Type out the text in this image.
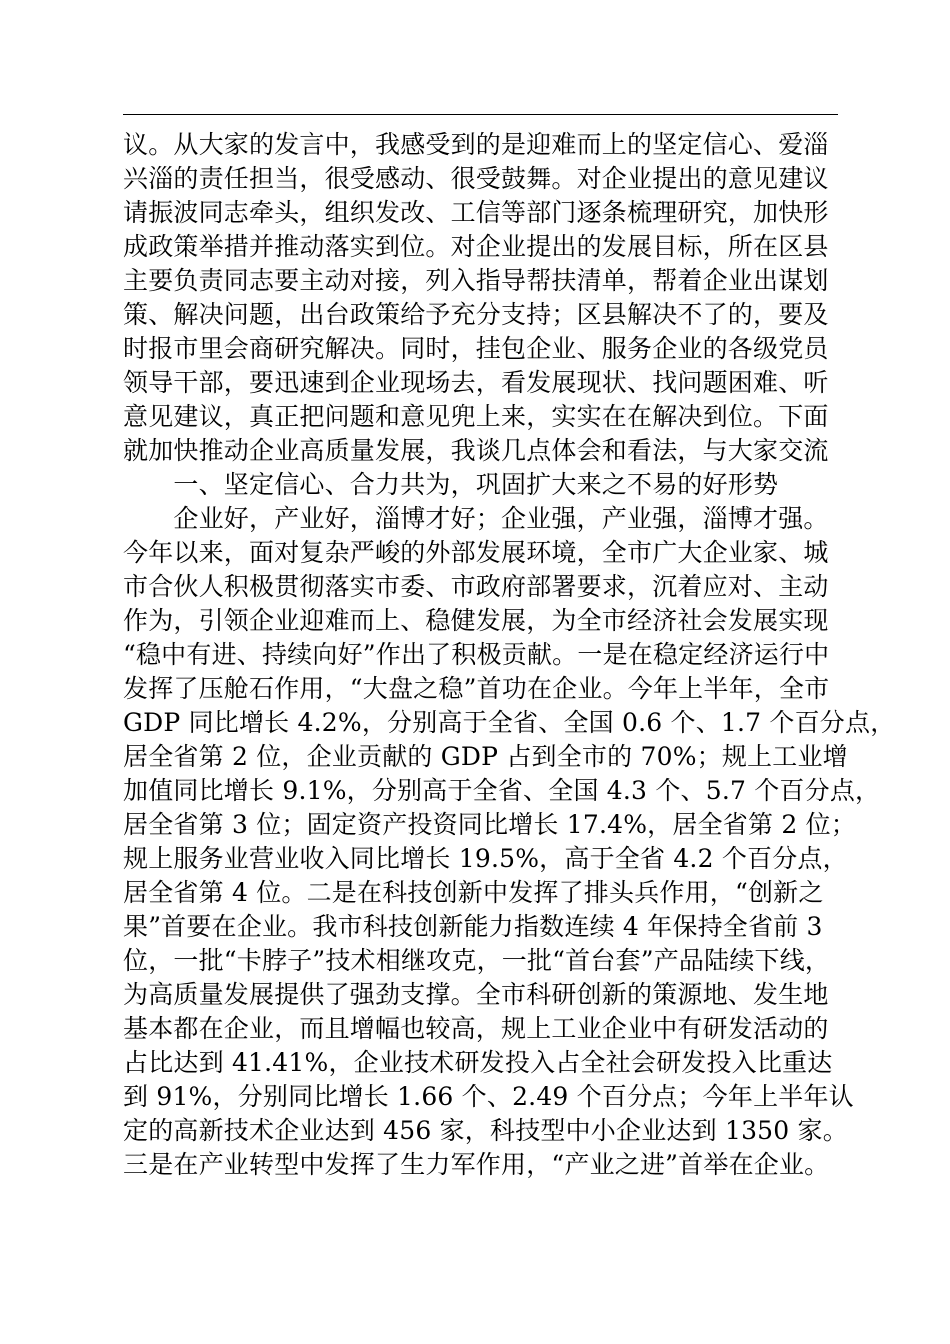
议。从大家的发言中，我感受到的是迎难而上的坚定信心、爱淄
兴淄的责任担当，很受感动、很受鼓舞。对企业提出的意见建议
请振波同志牵头，组织发改、工信等部门逐条梳理研究，加快形
成政策举措并推动落实到位。对企业提出的发展目标，所在区县
主要负责同志要主动对接，列入指导帮扶清单，帮着企业出谋划
策、解决问题，出台政策给予充分支持；区县解决不了的，要及
时报市里会商研究解决。同时，挂包企业、服务企业的各级党员
领导干部，要迅速到企业现场去，看发展现状、找问题困难、听
意见建议，真正把问题和意见兜上来，实实在在解决到位。下面
就加快推动企业高质量发展，我谈几点体会和看法，与大家交流
　　一、坚定信心、合力共为，巩固扩大来之不易的好形势
　　企业好，产业好，淄博才好；企业强，产业强，淄博才强。
今年以来，面对复杂严峻的外部发展环境，全市广大企业家、城
市合伙人积极贯彻落实市委、市政府部署要求，沉着应对、主动
作为，引领企业迎难而上、稳健发展，为全市经济社会发展实现
“稳中有进、持续向好”作出了积极贡献。一是在稳定经济运行中
发挥了压舱石作用，“大盘之稳”首功在企业。今年上半年，全市
GDP 同比增长 4.2%，分别高于全省、全国 0.6 个、1.7 个百分点，
居全省第 2 位，企业贡献的 GDP 占到全市的 70%；规上工业增
加值同比增长 9.1%，分别高于全省、全国 4.3 个、5.7 个百分点，
居全省第 3 位；固定资产投资同比增长 17.4%，居全省第 2 位；
规上服务业营业收入同比增长 19.5%，高于全省 4.2 个百分点，
居全省第 4 位。二是在科技创新中发挥了排头兵作用，“创新之
果”首要在企业。我市科技创新能力指数连续 4 年保持全省前 3
位，一批“卡脖子”技术相继攻克，一批“首台套”产品陆续下线，
为高质量发展提供了强劲支撑。全市科研创新的策源地、发生地
基本都在企业，而且增幅也较高，规上工业企业中有研发活动的
占比达到 41.41%，企业技术研发投入占全社会研发投入比重达
到 91%，分别同比增长 1.66 个、2.49 个百分点；今年上半年认
定的高新技术企业达到 456 家，科技型中小企业达到 1350 家。
三是在产业转型中发挥了生力军作用，“产业之进”首举在企业。
